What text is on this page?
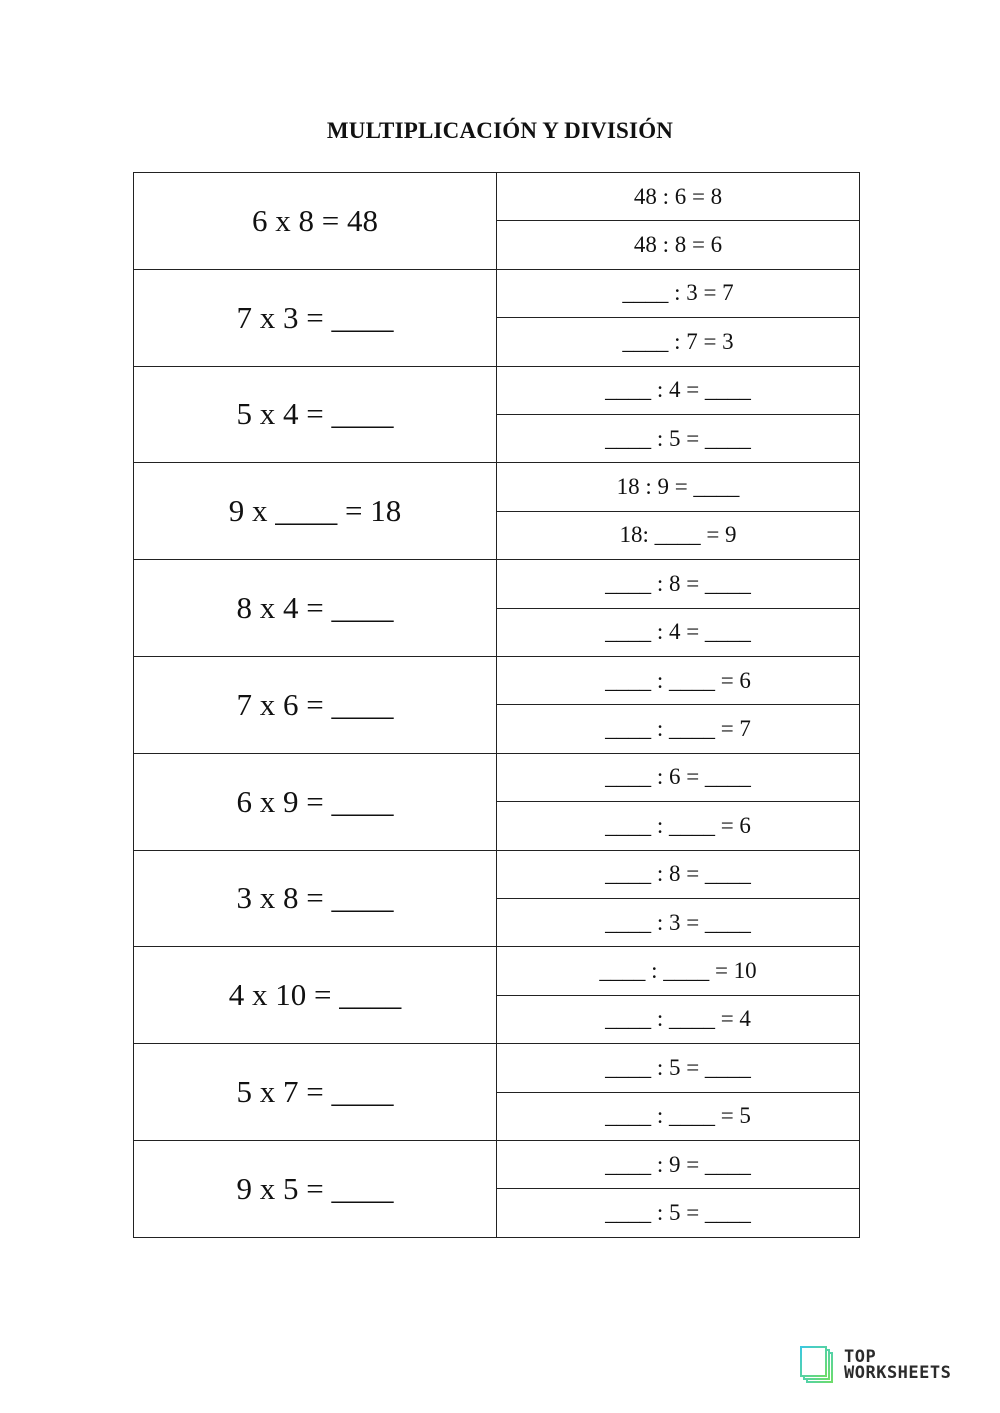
MULTIPLICACIÓN Y DIVISIÓN
6 x 8 = 48	48 : 6 = 8
	48 : 8 = 6
7 x 3 = ____	____ : 3 = 7
	____ : 7 = 3
5 x 4 = ____	____ : 4 = ____
	____ : 5 = ____
9 x ____ = 18	18 : 9 = ____
	18: ____ = 9
8 x 4 = ____	____ : 8 = ____
	____ : 4 = ____
7 x 6 = ____	____ : ____ = 6
	____ : ____ = 7
6 x 9 = ____	____ : 6 = ____
	____ : ____ = 6
3 x 8 = ____	____ : 8 = ____
	____ : 3 = ____
4 x 10 = ____	____ : ____ = 10
	____ : ____ = 4
5 x 7 = ____	____ : 5 = ____
	____ : ____ = 5
9 x 5 = ____	____ : 9 = ____
	____ : 5 = ____
TOP
WORKSHEETS
